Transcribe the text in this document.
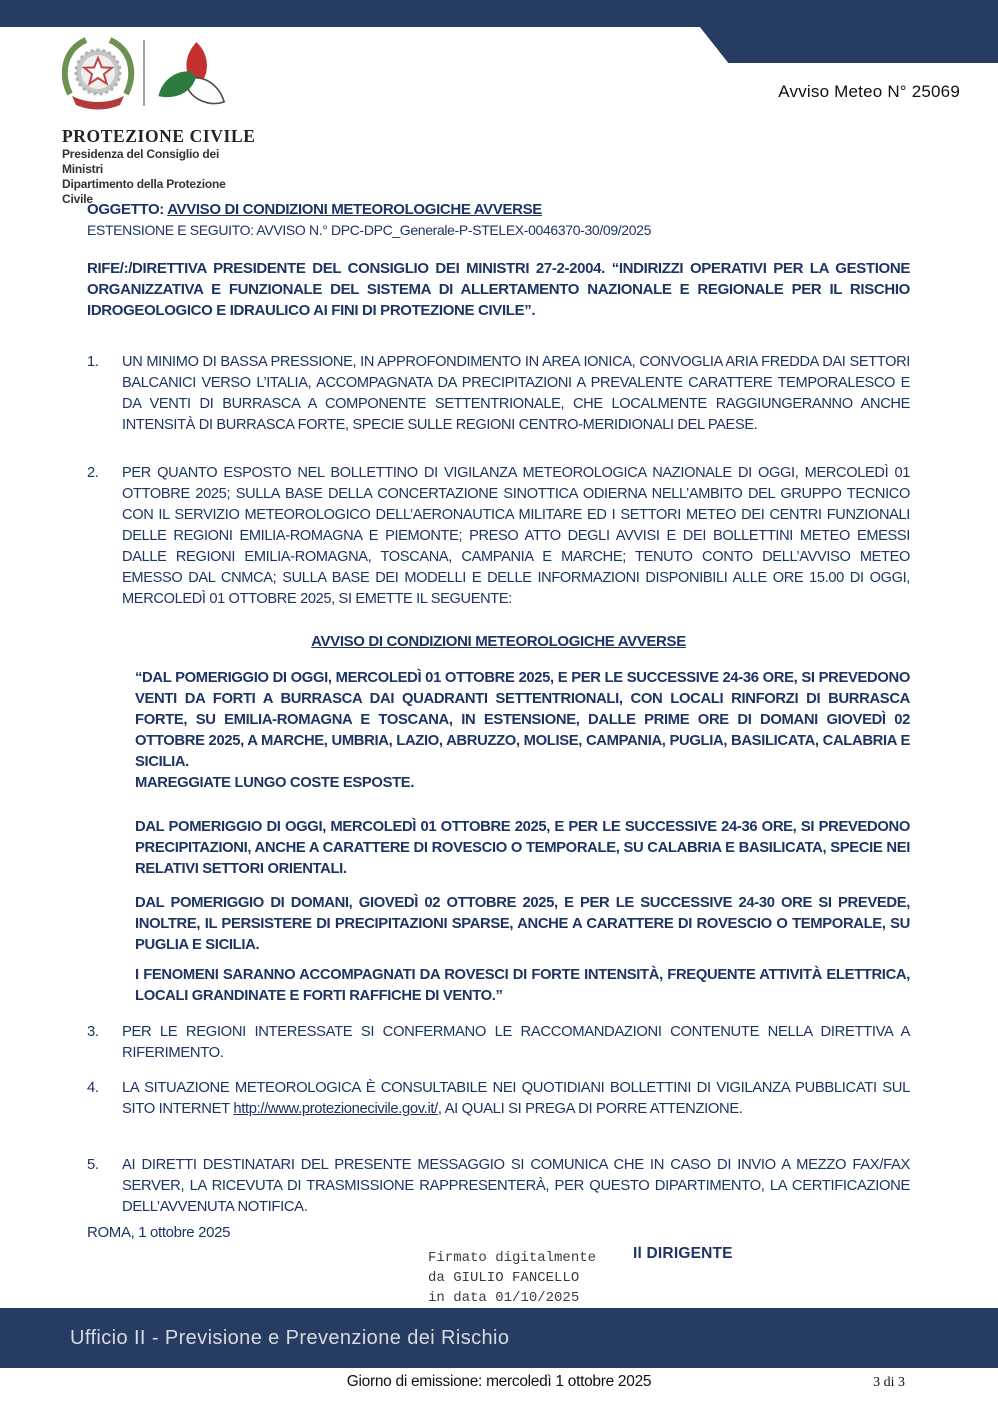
Avviso Meteo N° 25069
PROTEZIONE CIVILE
Presidenza del Consiglio dei Ministri
Dipartimento della Protezione Civile
OGGETTO: AVVISO DI CONDIZIONI METEOROLOGICHE AVVERSE
ESTENSIONE E SEGUITO: AVVISO N.° DPC-DPC_Generale-P-STELEX-0046370-30/09/2025
RIFE/:/DIRETTIVA PRESIDENTE DEL CONSIGLIO DEI MINISTRI 27-2-2004. “INDIRIZZI OPERATIVI PER LA GESTIONE ORGANIZZATIVA E FUNZIONALE DEL SISTEMA DI ALLERTAMENTO NAZIONALE E REGIONALE PER IL RISCHIO IDROGEOLOGICO E IDRAULICO AI FINI DI PROTEZIONE CIVILE”.
1.	UN MINIMO DI BASSA PRESSIONE, IN APPROFONDIMENTO IN AREA IONICA, CONVOGLIA ARIA FREDDA DAI SETTORI BALCANICI VERSO L’ITALIA, ACCOMPAGNATA DA PRECIPITAZIONI A PREVALENTE CARATTERE TEMPORALESCO E DA VENTI DI BURRASCA A COMPONENTE SETTENTRIONALE, CHE LOCALMENTE RAGGIUNGERANNO ANCHE INTENSITÀ DI BURRASCA FORTE, SPECIE SULLE REGIONI CENTRO-MERIDIONALI DEL PAESE.
2.	PER QUANTO ESPOSTO NEL BOLLETTINO DI VIGILANZA METEOROLOGICA NAZIONALE DI OGGI, MERCOLEDÌ 01 OTTOBRE 2025; SULLA BASE DELLA CONCERTAZIONE SINOTTICA ODIERNA NELL’AMBITO DEL GRUPPO TECNICO CON IL SERVIZIO METEOROLOGICO DELL’AERONAUTICA MILITARE ED I SETTORI METEO DEI CENTRI FUNZIONALI DELLE REGIONI EMILIA-ROMAGNA E PIEMONTE; PRESO ATTO DEGLI AVVISI E DEI BOLLETTINI METEO EMESSI DALLE REGIONI EMILIA-ROMAGNA, TOSCANA, CAMPANIA E MARCHE; TENUTO CONTO DELL’AVVISO METEO EMESSO DAL CNMCA; SULLA BASE DEI MODELLI E DELLE INFORMAZIONI DISPONIBILI ALLE ORE 15.00 DI OGGI, MERCOLEDÌ 01 OTTOBRE 2025, SI EMETTE IL SEGUENTE:
AVVISO DI CONDIZIONI METEOROLOGICHE AVVERSE
“DAL POMERIGGIO DI OGGI, MERCOLEDÌ 01 OTTOBRE 2025, E PER LE SUCCESSIVE 24-36 ORE, SI PREVEDONO VENTI DA FORTI A BURRASCA DAI QUADRANTI SETTENTRIONALI, CON LOCALI RINFORZI DI BURRASCA FORTE, SU EMILIA-ROMAGNA E TOSCANA, IN ESTENSIONE, DALLE PRIME ORE DI DOMANI GIOVEDÌ 02 OTTOBRE 2025, A MARCHE, UMBRIA, LAZIO, ABRUZZO, MOLISE, CAMPANIA, PUGLIA, BASILICATA, CALABRIA E SICILIA.
MAREGGIATE LUNGO COSTE ESPOSTE.
DAL POMERIGGIO DI OGGI, MERCOLEDÌ 01 OTTOBRE 2025, E PER LE SUCCESSIVE 24-36 ORE, SI PREVEDONO PRECIPITAZIONI, ANCHE A CARATTERE DI ROVESCIO O TEMPORALE, SU CALABRIA E BASILICATA, SPECIE NEI RELATIVI SETTORI ORIENTALI.
DAL POMERIGGIO DI DOMANI, GIOVEDÌ 02 OTTOBRE 2025, E PER LE SUCCESSIVE 24-30 ORE SI PREVEDE, INOLTRE, IL PERSISTERE DI PRECIPITAZIONI SPARSE, ANCHE A CARATTERE DI ROVESCIO O TEMPORALE, SU PUGLIA E SICILIA.
I FENOMENI SARANNO ACCOMPAGNATI DA ROVESCI DI FORTE INTENSITÀ, FREQUENTE ATTIVITÀ ELETTRICA, LOCALI GRANDINATE E FORTI RAFFICHE DI VENTO.”
3.	PER LE REGIONI INTERESSATE SI CONFERMANO LE RACCOMANDAZIONI CONTENUTE NELLA DIRETTIVA A RIFERIMENTO.
4.	LA SITUAZIONE METEOROLOGICA È CONSULTABILE NEI QUOTIDIANI BOLLETTINI DI VIGILANZA PUBBLICATI SUL SITO INTERNET http://www.protezionecivile.gov.it/, AI QUALI SI PREGA DI PORRE ATTENZIONE.
5.	AI DIRETTI DESTINATARI DEL PRESENTE MESSAGGIO SI COMUNICA CHE IN CASO DI INVIO A MEZZO FAX/FAX SERVER, LA RICEVUTA DI TRASMISSIONE RAPPRESENTERÀ, PER QUESTO DIPARTIMENTO, LA CERTIFICAZIONE DELL’AVVENUTA NOTIFICA.
ROMA, 1 ottobre 2025
Firmato digitalmente
da GIULIO FANCELLO
in data 01/10/2025
Il DIRIGENTE
Ufficio II - Previsione e Prevenzione dei Rischio
Giorno di emissione: mercoledì 1 ottobre 2025	3 di 3
